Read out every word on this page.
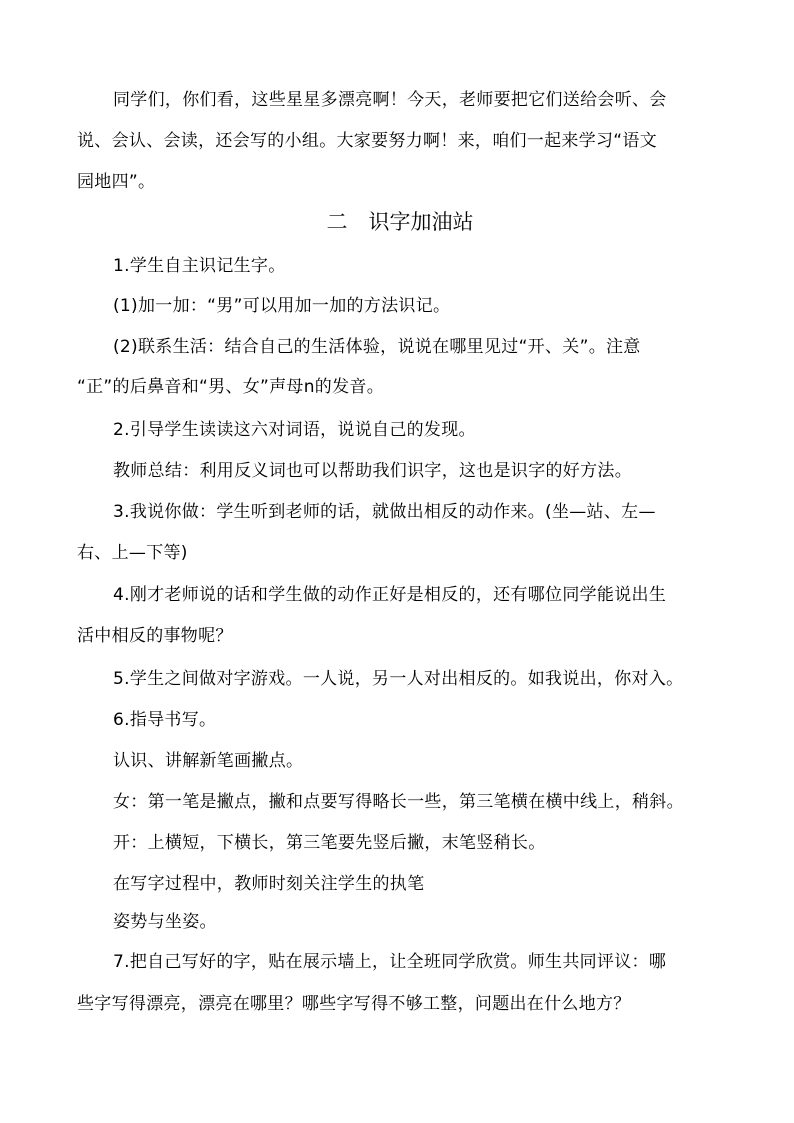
同学们，你们看，这些星星多漂亮啊！今天，老师要把它们送给会听、会
说、会认、会读，还会写的小组。大家要努力啊！来，咱们一起来学习“语文
园地四”。
二　识字加油站
1.学生自主识记生字。
(1)加一加：“男”可以用加一加的方法识记。
(2)联系生活：结合自己的生活体验，说说在哪里见过“开、关”。注意
“正”的后鼻音和“男、女”声母n的发音。
2.引导学生读读这六对词语，说说自己的发现。
教师总结：利用反义词也可以帮助我们识字，这也是识字的好方法。
3.我说你做：学生听到老师的话，就做出相反的动作来。(坐—站、左—
右、上—下等)
4.刚才老师说的话和学生做的动作正好是相反的，还有哪位同学能说出生
活中相反的事物呢？
5.学生之间做对字游戏。一人说，另一人对出相反的。如我说出，你对入。
6.指导书写。
认识、讲解新笔画撇点。
女：第一笔是撇点，撇和点要写得略长一些，第三笔横在横中线上，稍斜。
开：上横短，下横长，第三笔要先竖后撇，末笔竖稍长。
在写字过程中，教师时刻关注学生的执笔
姿势与坐姿。
7.把自己写好的字，贴在展示墙上，让全班同学欣赏。师生共同评议：哪
些字写得漂亮，漂亮在哪里？哪些字写得不够工整，问题出在什么地方？
